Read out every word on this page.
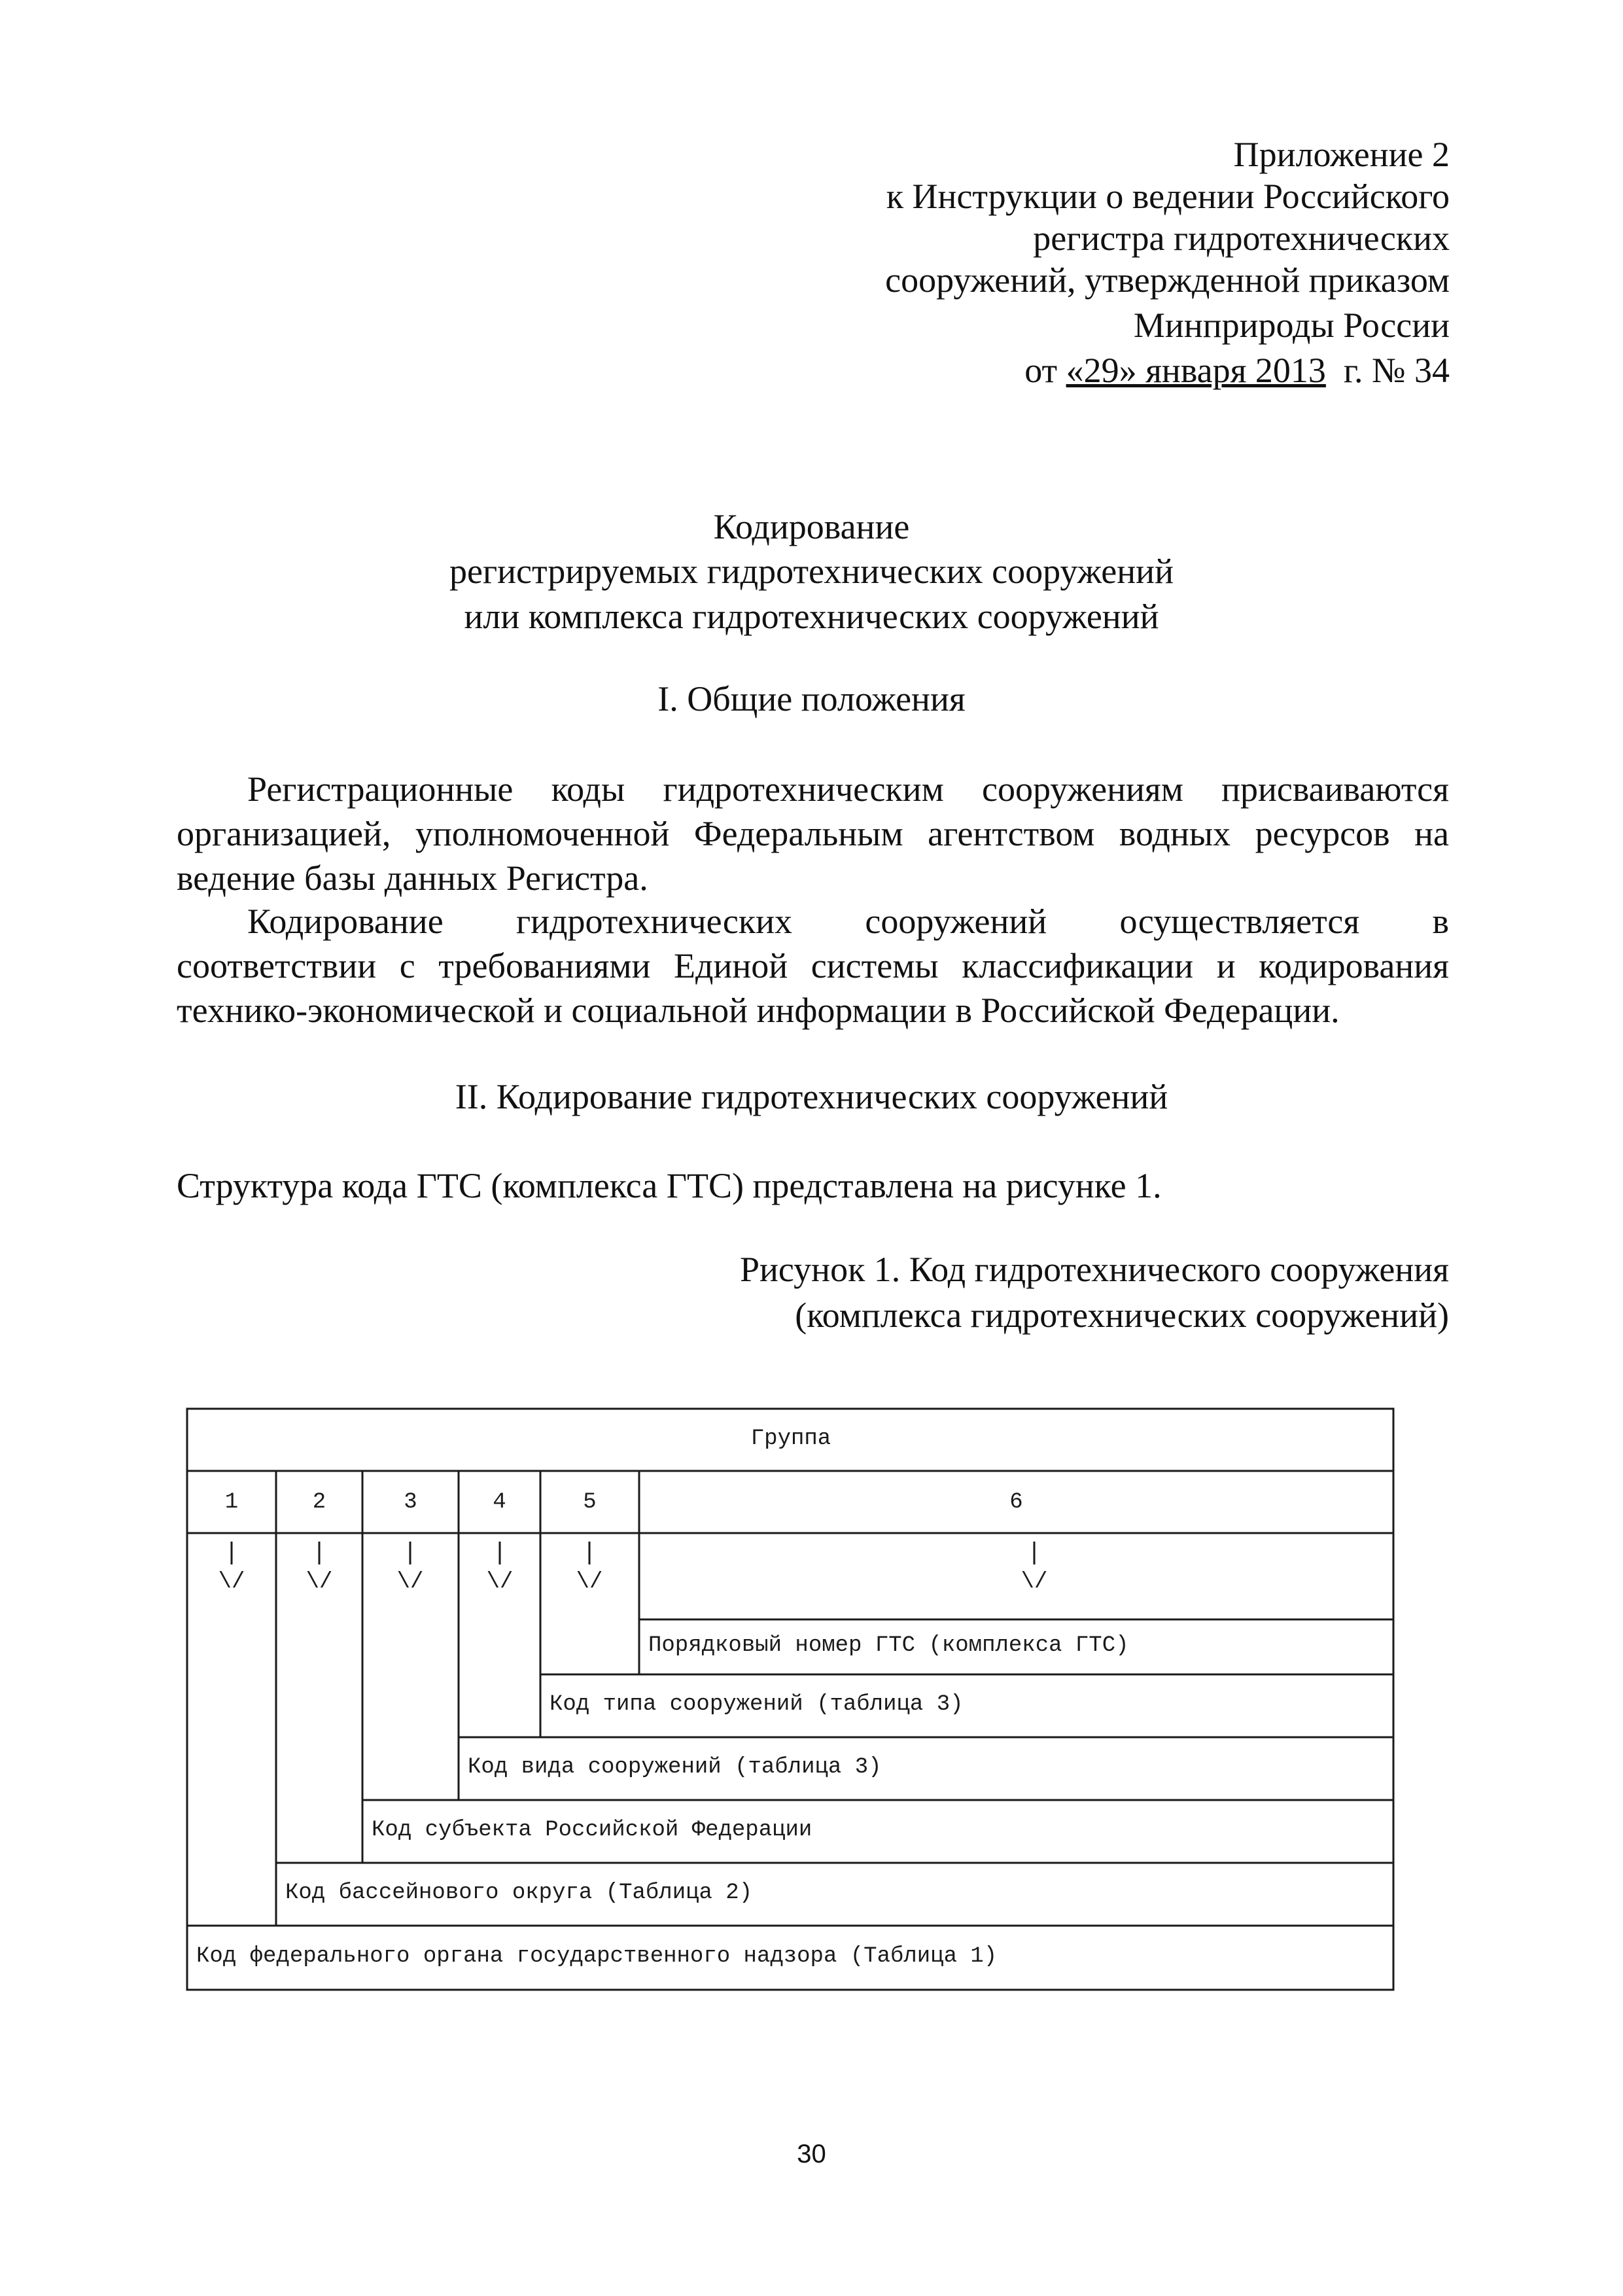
Приложение 2
к Инструкции о ведении Российского
регистра гидротехнических
сооружений, утвержденной приказом
Минприроды России
от «29» января 2013  г. № 34
Кодирование
регистрируемых гидротехнических сооружений
или комплекса гидротехнических сооружений
I. Общие положения
Регистрационные коды гидротехническим сооружениям присваиваются организацией, уполномоченной Федеральным агентством водных ресурсов на ведение базы данных Регистра.
Кодирование гидротехнических сооружений осуществляется в
соответствии с требованиями Единой системы классификации и кодирования технико-экономической и социальной информации в Российской Федерации.
II. Кодирование гидротехнических сооружений
Структура кода ГТС (комплекса ГТС) представлена на рисунке 1.
Рисунок 1. Код гидротехнического сооружения
(комплекса гидротехнических сооружений)
Группа
1	2	3	4	5	6
\/	\/	\/	\/	\/	\/
Порядковый номер ГТС (комплекса ГТС)
Код типа сооружений (таблица 3)
Код вида сооружений (таблица 3)
Код субъекта Российской Федерации
Код бассейнового округа (Таблица 2)
Код федерального органа государственного надзора (Таблица 1)
30
